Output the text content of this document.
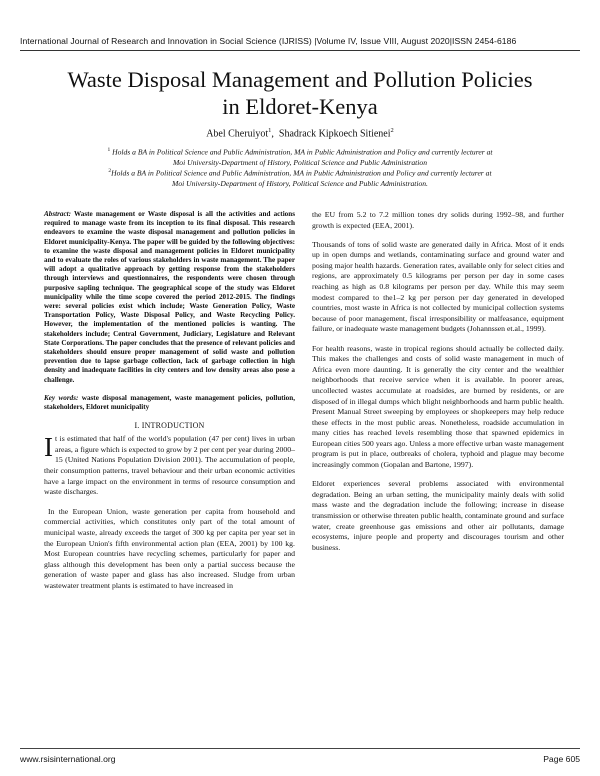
International Journal of Research and Innovation in Social Science (IJRISS) |Volume IV, Issue VIII, August 2020|ISSN 2454-6186
Waste Disposal Management and Pollution Policies
in Eldoret-Kenya
Abel Cheruiyot$^1$, Shadrack Kipkoech Sitienei$^2$
$^1$ Holds a BA in Political Science and Public Administration, MA in Public Administration and Policy and currently lecturer at
Moi University-Department of History, Political Science and Public Administration
$^2$Holds a BA in Political Science and Public Administration, MA in Public Administration and Policy and currently lecturer at
Moi University-Department of History, Political Science and Public Administration.

Abstract: Waste management or Waste disposal is all the activities and actions required to manage waste from its inception to its final disposal. This research endeavors to examine the waste disposal management and pollution policies in Eldoret municipality-Kenya. The paper will be guided by the following objectives: to examine the waste disposal and management policies in Eldoret municipality and to evaluate the roles of various stakeholders in waste management. The paper will adopt a qualitative approach by getting response from the stakeholders through interviews and questionnaires, the respondents were chosen through purposive sapling technique. The geographical scope of the study was Eldoret municipality while the time scope covered the period 2012-2015. The findings were: several policies exist which include; Waste Generation Policy, Waste Transportation Policy, Waste Disposal Policy, and Waste Recycling Policy. However, the implementation of the mentioned policies is wanting. The stakeholders include; Central Government, Judiciary, Legislature and Relevant State Corporations. The paper concludes that the presence of relevant policies and stakeholders should ensure proper management of solid waste and pollution prevention due to lapse garbage collection, lack of garbage collection in high density and inadequate facilities in city centers and low density areas also pose a challenge.

Key words: waste disposal management, waste management policies, pollution, stakeholders, Eldoret municipality

I. INTRODUCTION

It is estimated that half of the world's population (47 per cent) lives in urban areas, a figure which is expected to grow by 2 per cent per year during 2000–15 (United Nations Population Division 2001). The accumulation of people, their consumption patterns, travel behaviour and their urban economic activities have a large impact on the environment in terms of resource consumption and waste discharges.

In the European Union, waste generation per capita from household and commercial activities, which constitutes only part of the total amount of municipal waste, already exceeds the target of 300 kg per capita per year set in the European Union's fifth environmental action plan (EEA, 2001) by 100 kg. Most European countries have recycling schemes, particularly for paper and glass although this development has been only a partial success because the generation of waste paper and glass has also increased. Sludge from urban wastewater treatment plants is estimated to have increased in

the EU from 5.2 to 7.2 million tones dry solids during 1992–98, and further growth is expected (EEA, 2001).

Thousands of tons of solid waste are generated daily in Africa. Most of it ends up in open dumps and wetlands, contaminating surface and ground water and posing major health hazards. Generation rates, available only for select cities and regions, are approximately 0.5 kilograms per person per day in some cases reaching as high as 0.8 kilograms per person per day. While this may seem modest compared to the1–2 kg per person per day generated in developed countries, most waste in Africa is not collected by municipal collection systems because of poor management, fiscal irresponsibility or malfeasance, equipment failure, or inadequate waste management budgets (Johannssen et.al., 1999).

For health reasons, waste in tropical regions should actually be collected daily. This makes the challenges and costs of solid waste management in much of Africa even more daunting. It is generally the city center and the wealthier neighborhoods that receive service when it is available. In poorer areas, uncollected wastes accumulate at roadsides, are burned by residents, or are disposed of in illegal dumps which blight neighborhoods and harm public health. Present Manual Street sweeping by employees or shopkeepers may help reduce these effects in the most public areas. Nonetheless, roadside accumulation in many cities has reached levels resembling those that spawned epidemics in European cities 500 years ago. Unless a more effective urban waste management program is put in place, outbreaks of cholera, typhoid and plague may become increasingly common (Gopalan and Bartone, 1997).

Eldoret experiences several problems associated with environmental degradation. Being an urban setting, the municipality mainly deals with solid mass waste and the degradation include the following; increase in disease transmission or otherwise threaten public health, contaminate ground and surface water, create greenhouse gas emissions and other air pollutants, damage ecosystems, injure people and property and discourages tourism and other business.

www.rsisinternational.org	Page 605
